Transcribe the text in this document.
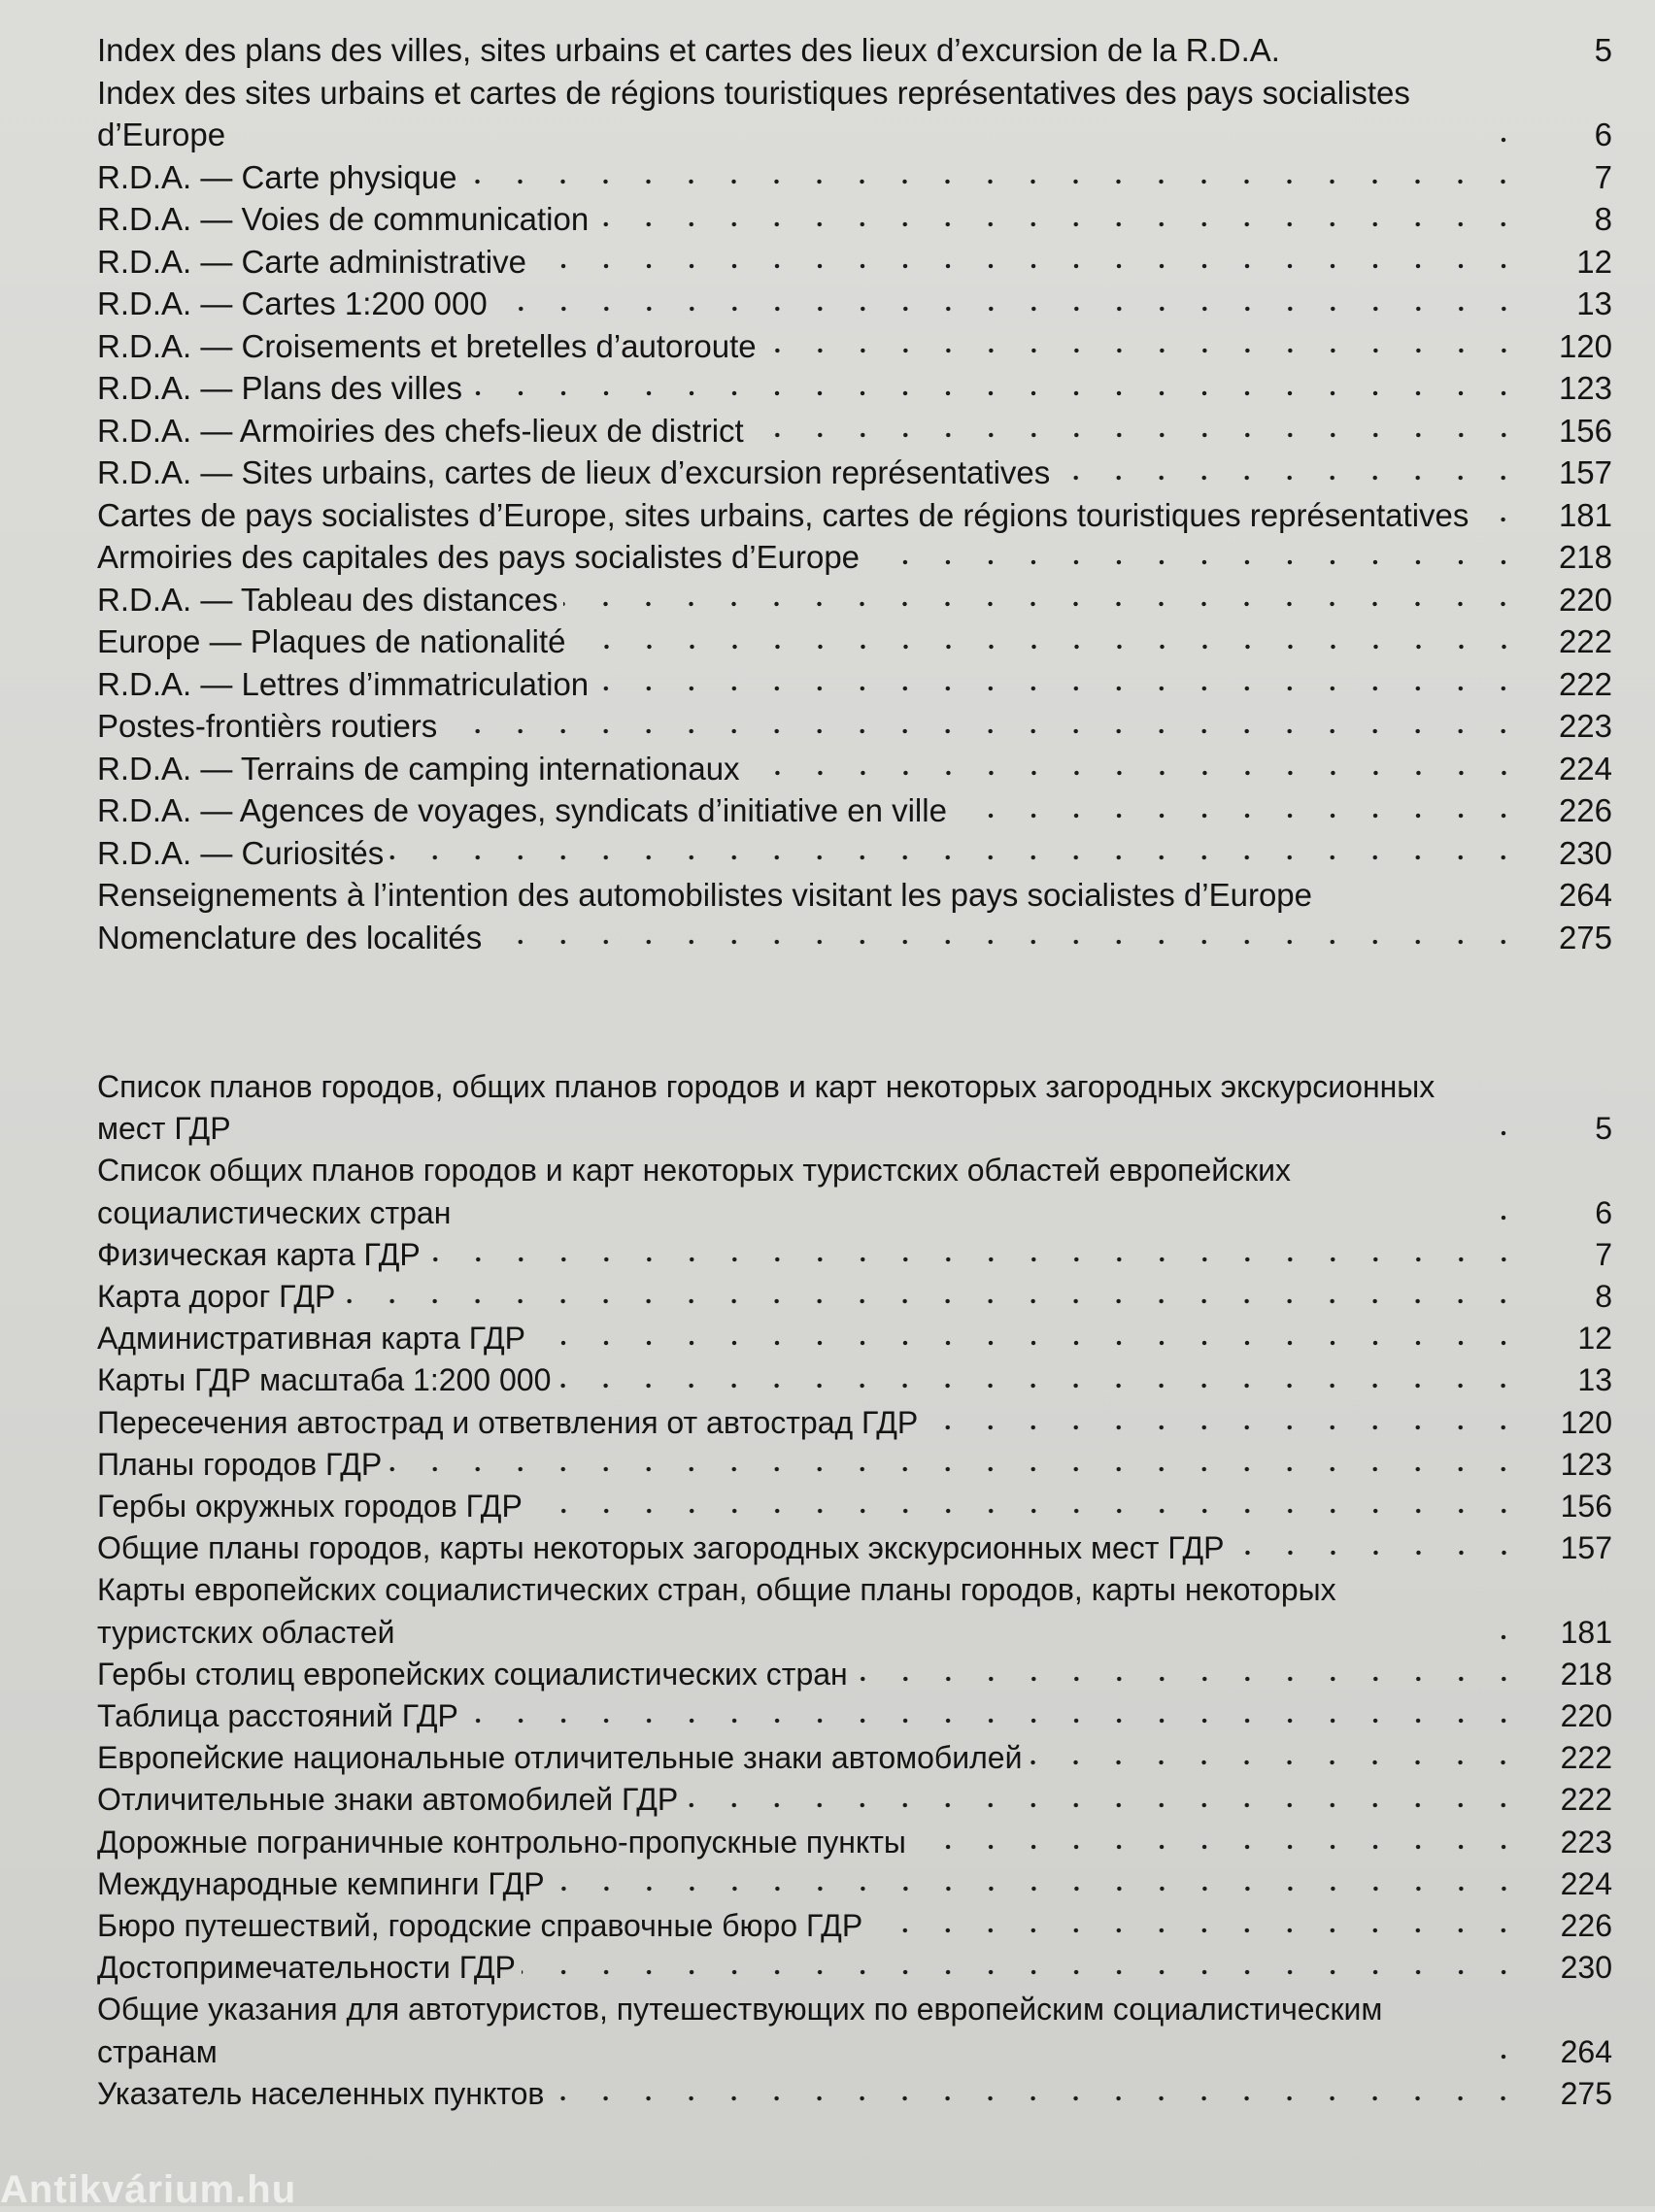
Index des plans des villes, sites urbains et cartes des lieux d’excursion de la R.D.A.	5
Index des sites urbains et cartes de régions touristiques représentatives des pays socialistes d’Europe	6
R.D.A. — Carte physique	7
R.D.A. — Voies de communication	8
R.D.A. — Carte administrative	12
R.D.A. — Cartes 1:200 000	13
R.D.A. — Croisements et bretelles d’autoroute	120
R.D.A. — Plans des villes	123
R.D.A. — Armoiries des chefs-lieux de district	156
R.D.A. — Sites urbains, cartes de lieux d’excursion représentatives	157
Cartes de pays socialistes d’Europe, sites urbains, cartes de régions touristiques représentatives	181
Armoiries des capitales des pays socialistes d’Europe	218
R.D.A. — Tableau des distances	220
Europe — Plaques de nationalité	222
R.D.A. — Lettres d’immatriculation	222
Postes-frontièrs routiers	223
R.D.A. — Terrains de camping internationaux	224
R.D.A. — Agences de voyages, syndicats d’initiative en ville	226
R.D.A. — Curiosités	230
Renseignements à l’intention des automobilistes visitant les pays socialistes d’Europe	264
Nomenclature des localités	275
Список планов городов, общих планов городов и карт некоторых загородных экскурсионных мест ГДР	5
Список общих планов городов и карт некоторых туристских областей европейских социалистических стран	6
Физическая карта ГДР	7
Карта дорог ГДР	8
Административная карта ГДР	12
Карты ГДР масштаба 1:200 000	13
Пересечения автострад и ответвления от автострад ГДР	120
Планы городов ГДР	123
Гербы окружных городов ГДР	156
Общие планы городов, карты некоторых загородных экскурсионных мест ГДР	157
Карты европейских социалистических стран, общие планы городов, карты некоторых туристских областей	181
Гербы столиц европейских социалистических стран	218
Таблица расстояний ГДР	220
Европейские национальные отличительные знаки автомобилей	222
Отличительные знаки автомобилей ГДР	222
Дорожные пограничные контрольно-пропускные пункты	223
Международные кемпинги ГДР	224
Бюро путешествий, городские справочные бюро ГДР	226
Достопримечательности ГДР	230
Общие указания для автотуристов, путешествующих по европейским социалистическим странам	264
Указатель населенных пунктов	275
Antikvárium.hu
